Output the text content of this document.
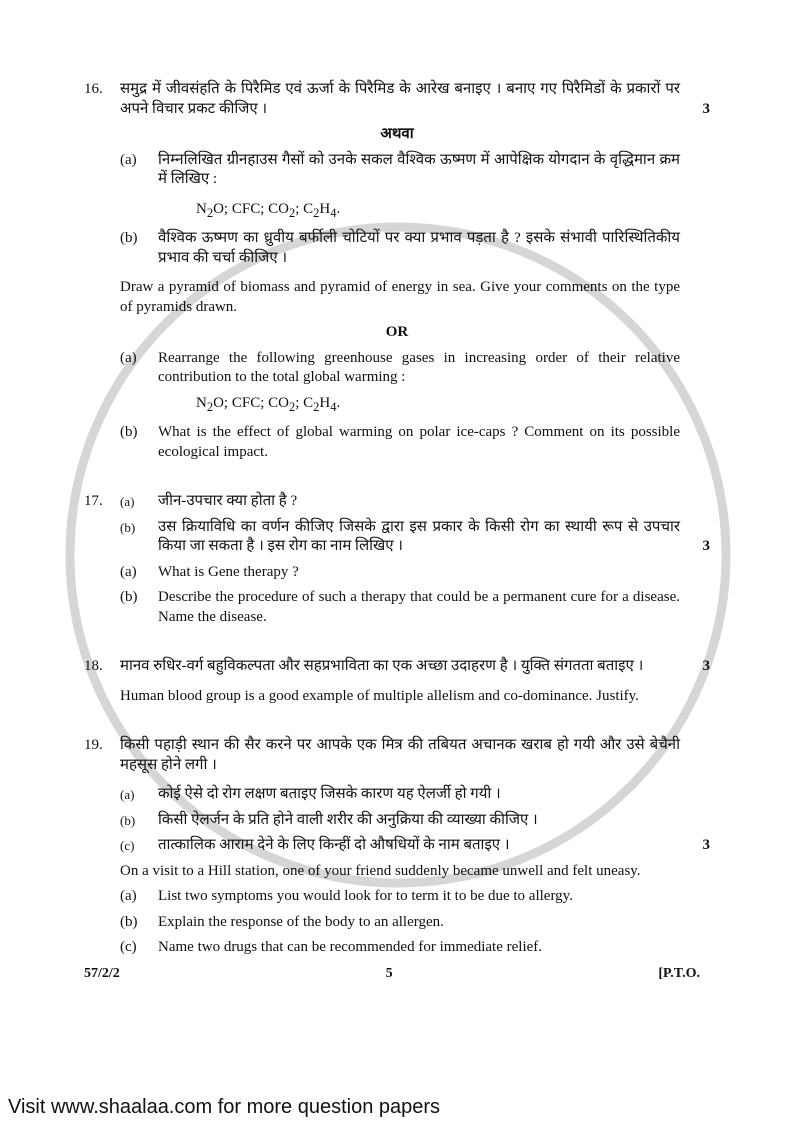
16.	समुद्र में जीवसंहति के पिरैमिड एवं ऊर्जा के पिरैमिड के आरेख बनाइए । बनाए गए पिरैमिडों के प्रकारों पर अपने विचार प्रकट कीजिए ।	3
अथवा
(a)	निम्नलिखित ग्रीनहाउस गैसों को उनके सकल वैश्विक ऊष्मण में आपेक्षिक योगदान के वृद्धिमान क्रम में लिखिए :
$N_2O$; CFC; $CO_2$; $C_2H_4$.
(b)	वैश्विक ऊष्मण का ध्रुवीय बर्फीली चोटियों पर क्या प्रभाव पड़ता है ? इसके संभावी पारिस्थितिकीय प्रभाव की चर्चा कीजिए ।
Draw a pyramid of biomass and pyramid of energy in sea. Give your comments on the type of pyramids drawn.
OR
(a)	Rearrange the following greenhouse gases in increasing order of their relative contribution to the total global warming :
$N_2O$; CFC; $CO_2$; $C_2H_4$.
(b)	What is the effect of global warming on polar ice-caps ? Comment on its possible ecological impact.
17.	(a)	जीन-उपचार क्या होता है ?
(b)	उस क्रियाविधि का वर्णन कीजिए जिसके द्वारा इस प्रकार के किसी रोग का स्थायी रूप से उपचार किया जा सकता है । इस रोग का नाम लिखिए ।	3
(a)	What is Gene therapy ?
(b)	Describe the procedure of such a therapy that could be a permanent cure for a disease. Name the disease.
18.	मानव रुधिर-वर्ग बहुविकल्पता और सहप्रभाविता का एक अच्छा उदाहरण है । युक्ति संगतता बताइए ।	3
Human blood group is a good example of multiple allelism and co-dominance. Justify.
19.	किसी पहाड़ी स्थान की सैर करने पर आपके एक मित्र की तबियत अचानक खराब हो गयी और उसे बेचैनी महसूस होने लगी ।
(a)	कोई ऐसे दो रोग लक्षण बताइए जिसके कारण यह ऐलर्जी हो गयी ।
(b)	किसी ऐलर्जन के प्रति होने वाली शरीर की अनुक्रिया की व्याख्या कीजिए ।
(c)	तात्कालिक आराम देने के लिए किन्हीं दो औषधियों के नाम बताइए ।	3
On a visit to a Hill station, one of your friend suddenly became unwell and felt uneasy.
(a)	List two symptoms you would look for to term it to be due to allergy.
(b)	Explain the response of the body to an allergen.
(c)	Name two drugs that can be recommended for immediate relief.
57/2/2	5	[P.T.O.
Visit www.shaalaa.com for more question papers
